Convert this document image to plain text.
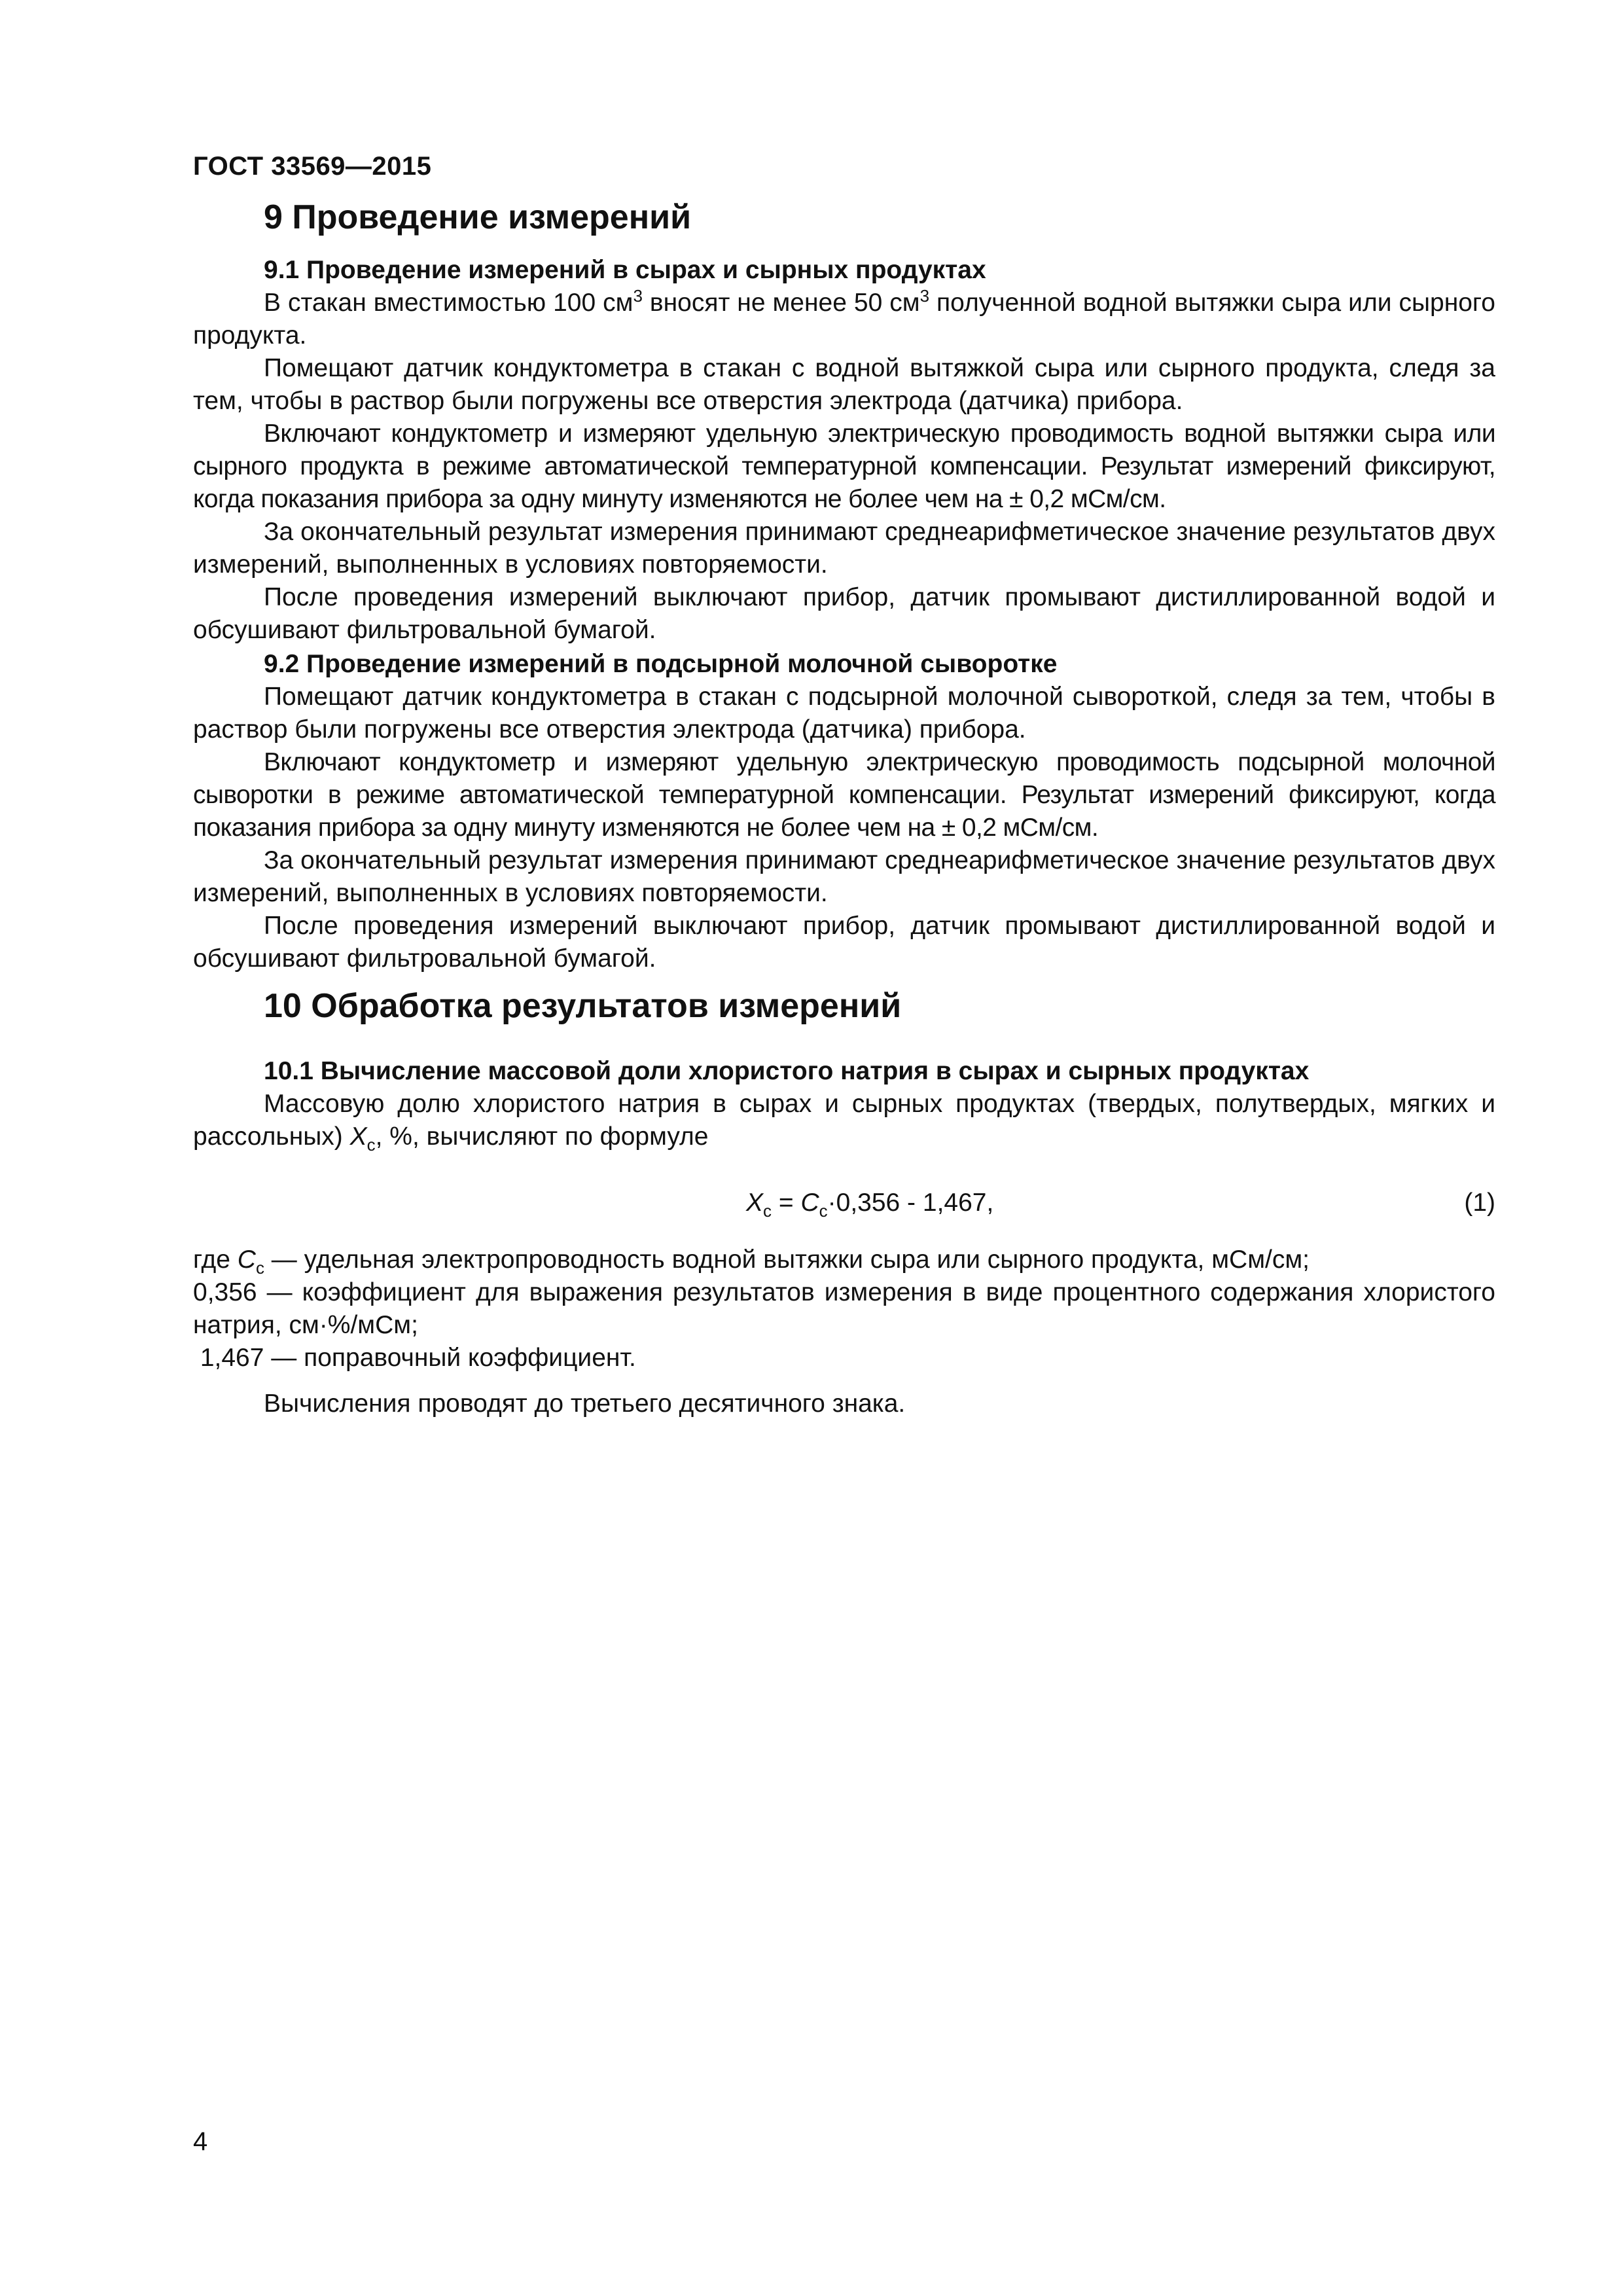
ГОСТ 33569—2015
9 Проведение измерений
9.1 Проведение измерений в сырах и сырных продуктах

В стакан вместимостью 100 $см^3$ вносят не менее 50 $см^3$ полученной водной вытяжки сыра или сырного продукта.

Помещают датчик кондуктометра в стакан с водной вытяжкой сыра или сырного продукта, следя за тем, чтобы в раствор были погружены все отверстия электрода (датчика) прибора.

Включают кондуктометр и измеряют удельную электрическую проводимость водной вытяжки сыра или сырного продукта в режиме автоматической температурной компенсации. Результат измерений фиксируют, когда показания прибора за одну минуту изменяются не более чем на ± 0,2 мСм/см.

За окончательный результат измерения принимают среднеарифметическое значение результатов двух измерений, выполненных в условиях повторяемости.

После проведения измерений выключают прибор, датчик промывают дистиллированной водой и обсушивают фильтровальной бумагой.

9.2 Проведение измерений в подсырной молочной сыворотке

Помещают датчик кондуктометра в стакан с подсырной молочной сывороткой, следя за тем, чтобы в раствор были погружены все отверстия электрода (датчика) прибора.

Включают кондуктометр и измеряют удельную электрическую проводимость подсырной молочной сыворотки в режиме автоматической температурной компенсации. Результат измерений фиксируют, когда показания прибора за одну минуту изменяются не более чем на ± 0,2 мСм/см.

За окончательный результат измерения принимают среднеарифметическое значение результатов двух измерений, выполненных в условиях повторяемости.

После проведения измерений выключают прибор, датчик промывают дистиллированной водой и обсушивают фильтровальной бумагой.

10 Обработка результатов измерений
10.1 Вычисление массовой доли хлористого натрия в сырах и сырных продуктах

Массовую долю хлористого натрия в сырах и сырных продуктах (твердых, полутвердых, мягких и рассольных) $X_c$, %, вычисляют по формуле

$X_c = C_c\cdot 0,356 - 1,467$,	(1)

где $C_c$ — удельная электропроводность водной вытяжки сыра или сырного продукта, мСм/см;

0,356 — коэффициент для выражения результатов измерения в виде процентного содержания хлористого натрия, см·%/мСм;

1,467 — поправочный коэффициент.

Вычисления проводят до третьего десятичного знака.

4
